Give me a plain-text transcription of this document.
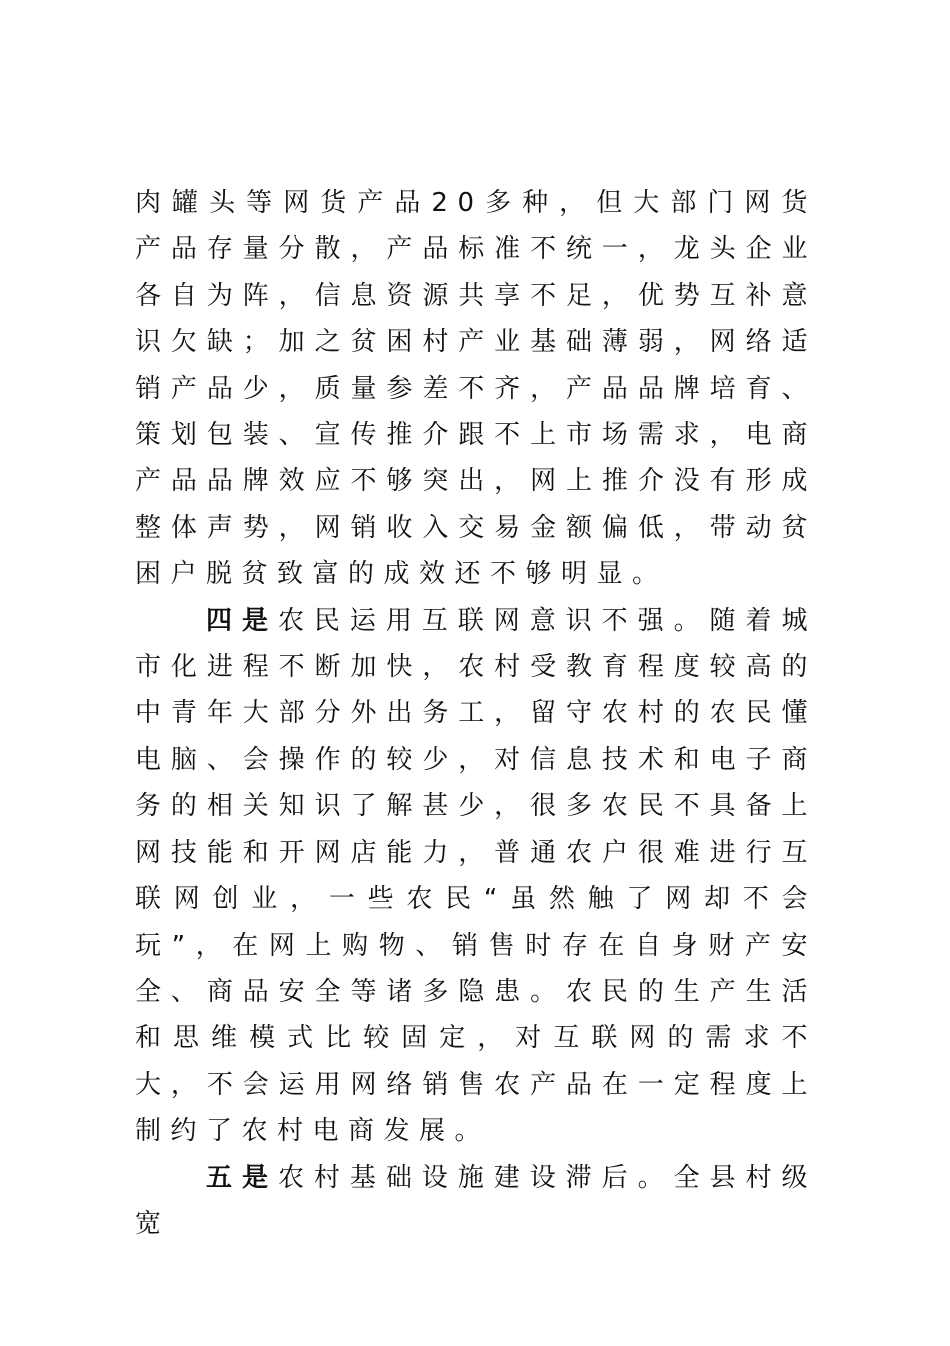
肉罐头等网货产品20多种，但大部门网货产品存量分散，产品标准不统一，龙头企业各自为阵，信息资源共享不足，优势互补意识欠缺；加之贫困村产业基础薄弱，网络适销产品少，质量参差不齐，产品品牌培育、策划包装、宣传推介跟不上市场需求，电商产品品牌效应不够突出，网上推介没有形成整体声势，网销收入交易金额偏低，带动贫困户脱贫致富的成效还不够明显。

四是农民运用互联网意识不强。随着城市化进程不断加快，农村受教育程度较高的中青年大部分外出务工，留守农村的农民懂电脑、会操作的较少，对信息技术和电子商务的相关知识了解甚少，很多农民不具备上网技能和开网店能力，普通农户很难进行互联网创业，一些农民“虽然触了网却不会玩”，在网上购物、销售时存在自身财产安全、商品安全等诸多隐患。农民的生产生活和思维模式比较固定，对互联网的需求不大，不会运用网络销售农产品在一定程度上制约了农村电商发展。

五是农村基础设施建设滞后。全县村级宽
